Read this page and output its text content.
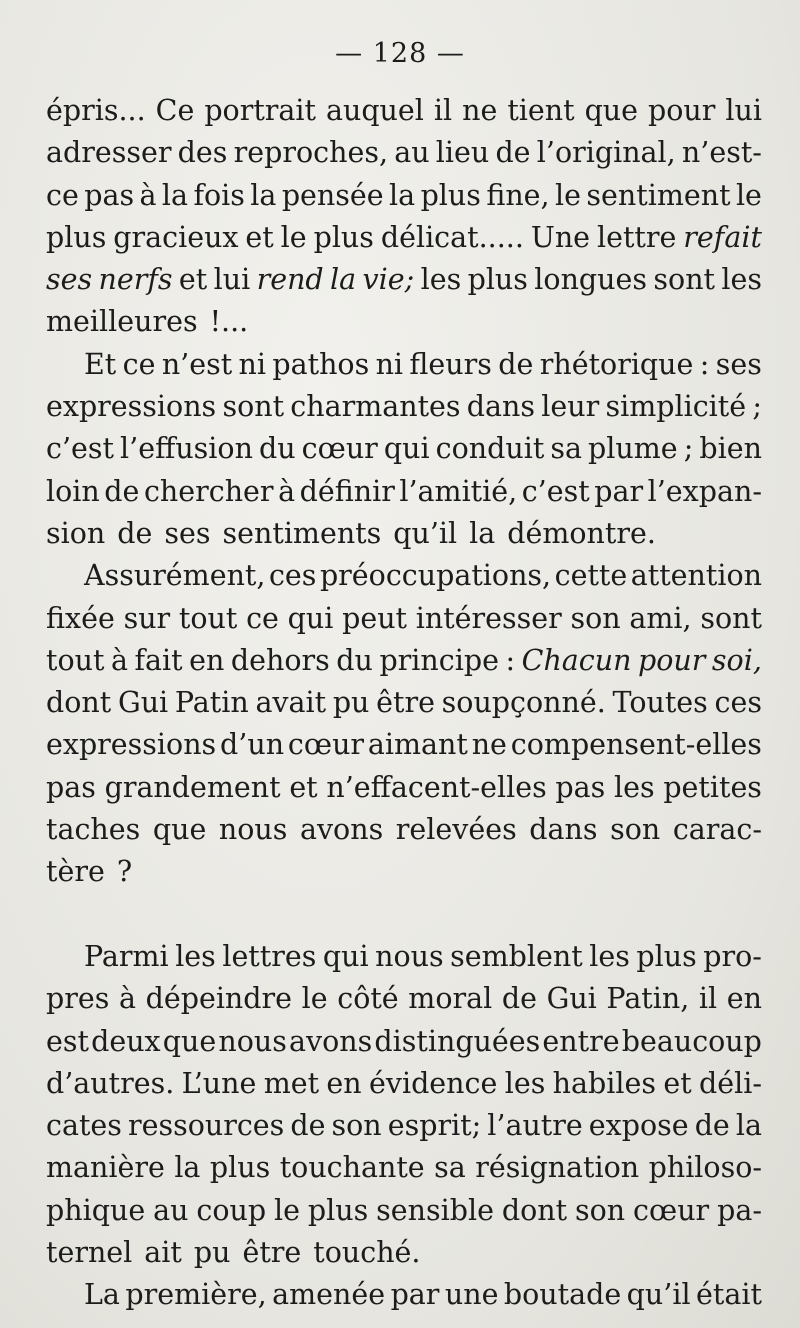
— 128 —
épris... Ce portrait auquel il ne tient que pour lui
adresser des reproches, au lieu de l’original, n’est-
ce pas à la fois la pensée la plus fine, le sentiment le
plus gracieux et le plus délicat..... Une lettre refait
ses nerfs et lui rend la vie; les plus longues sont les
meilleures !...
Et ce n’est ni pathos ni fleurs de rhétorique : ses
expressions sont charmantes dans leur simplicité ;
c’est l’effusion du cœur qui conduit sa plume ; bien
loin de chercher à définir l’amitié, c’est par l’expan-
sion de ses sentiments qu’il la démontre.
Assurément, ces préoccupations, cette attention
fixée sur tout ce qui peut intéresser son ami, sont
tout à fait en dehors du principe : Chacun pour soi,
dont Gui Patin avait pu être soupçonné. Toutes ces
expressions d’un cœur aimant ne compensent-elles
pas grandement et n’effacent-elles pas les petites
taches que nous avons relevées dans son carac-
tère ?
Parmi les lettres qui nous semblent les plus pro-
pres à dépeindre le côté moral de Gui Patin, il en
est deux que nous avons distinguées entre beaucoup
d’autres. L’une met en évidence les habiles et déli-
cates ressources de son esprit; l’autre expose de la
manière la plus touchante sa résignation philoso-
phique au coup le plus sensible dont son cœur pa-
ternel ait pu être touché.
La première, amenée par une boutade qu’il était
